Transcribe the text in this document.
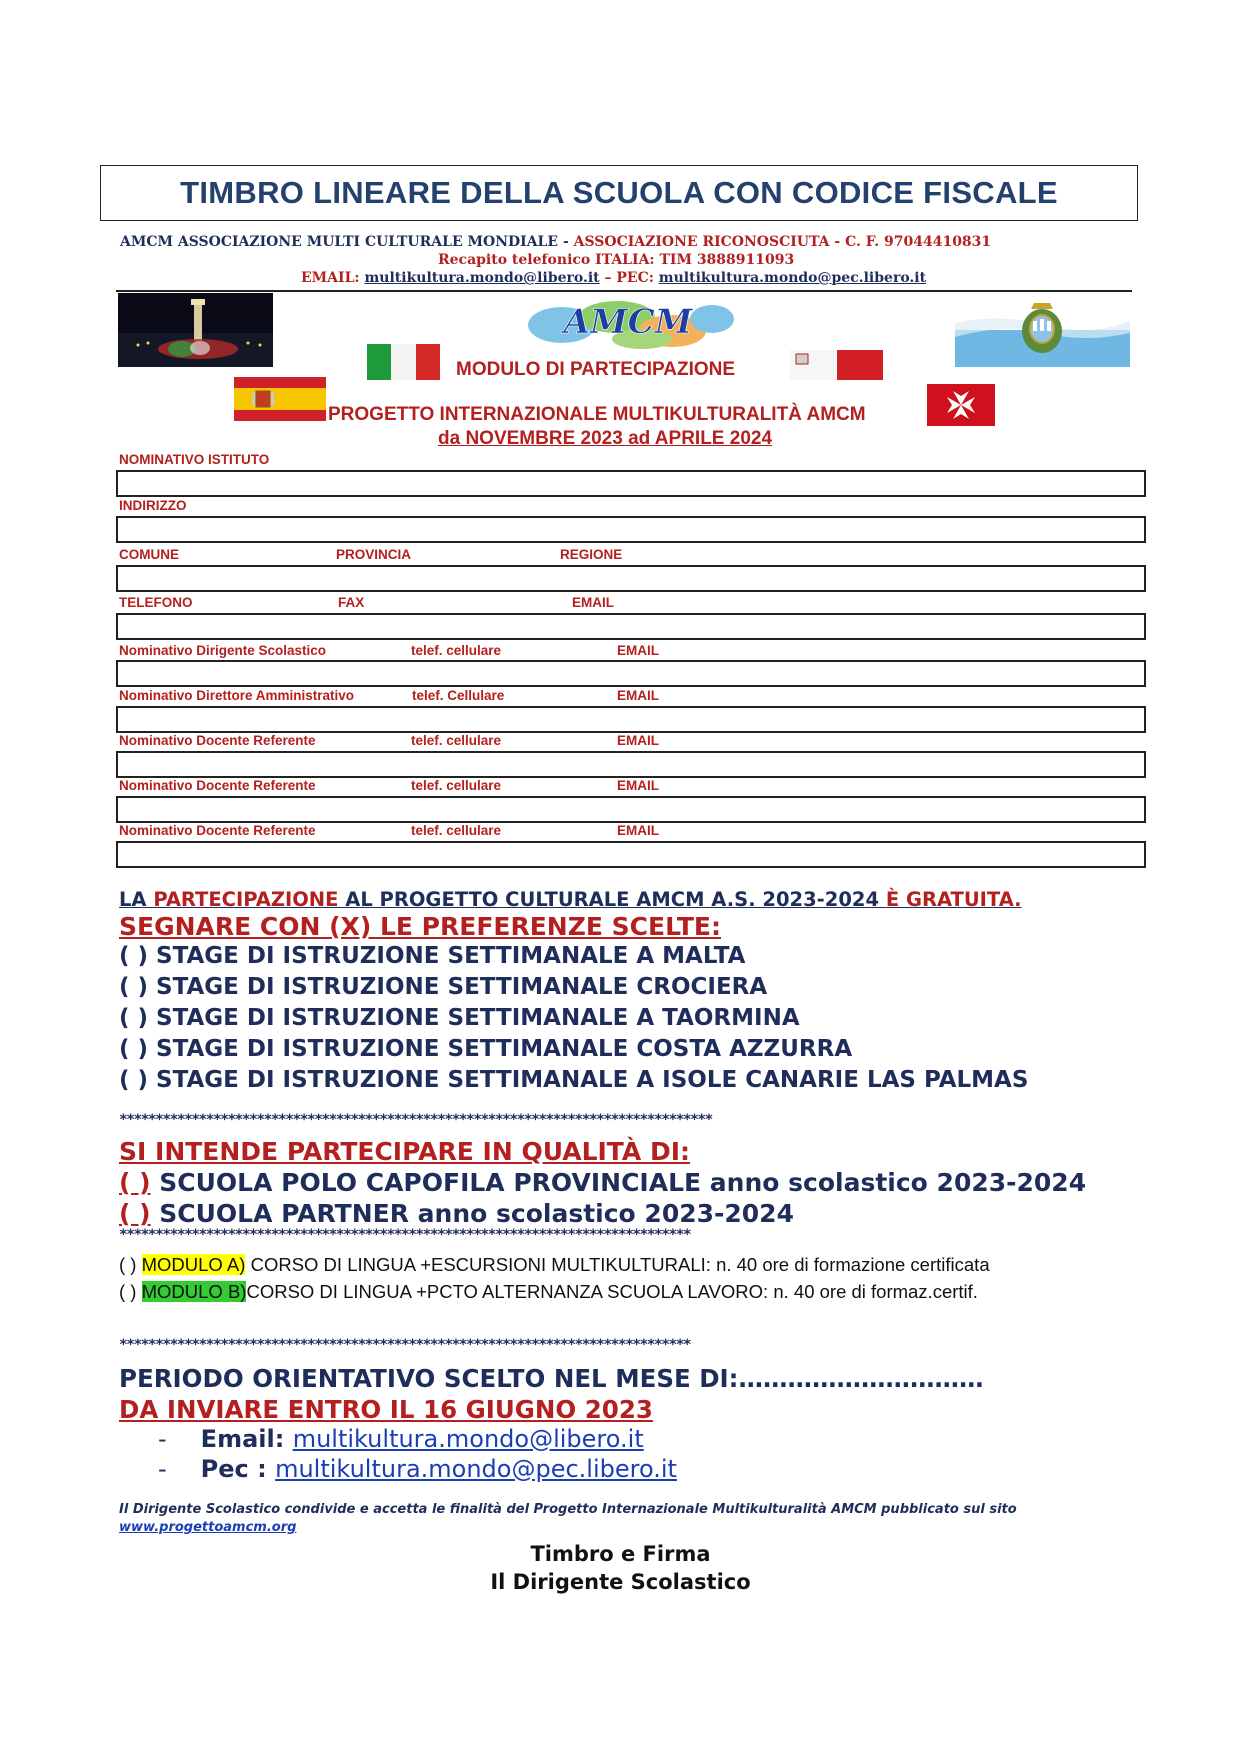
TIMBRO LINEARE DELLA SCUOLA CON CODICE FISCALE
AMCM ASSOCIAZIONE MULTI CULTURALE MONDIALE - ASSOCIAZIONE RICONOSCIUTA - C. F. 97044410831
Recapito telefonico ITALIA: TIM 3888911093
EMAIL: multikultura.mondo@libero.it – PEC: multikultura.mondo@pec.libero.it
AMCM
MODULO DI PARTECIPAZIONE
PROGETTO INTERNAZIONALE MULTIKULTURALITÀ AMCM
da NOVEMBRE 2023 ad APRILE 2024
NOMINATIVO ISTITUTO
INDIRIZZO
COMUNE	PROVINCIA	REGIONE
TELEFONO	FAX	EMAIL
Nominativo Dirigente Scolastico	telef. cellulare	EMAIL
Nominativo Direttore Amministrativo	telef. Cellulare	EMAIL
Nominativo Docente Referente	telef. cellulare	EMAIL
Nominativo Docente Referente	telef. cellulare	EMAIL
Nominativo Docente Referente	telef. cellulare	EMAIL
LA PARTECIPAZIONE AL PROGETTO CULTURALE AMCM A.S. 2023-2024 È GRATUITA.
SEGNARE CON (X) LE PREFERENZE SCELTE:
( ) STAGE DI ISTRUZIONE SETTIMANALE A MALTA
( ) STAGE DI ISTRUZIONE SETTIMANALE CROCIERA
( ) STAGE DI ISTRUZIONE SETTIMANALE A TAORMINA
( ) STAGE DI ISTRUZIONE SETTIMANALE COSTA AZZURRA
( ) STAGE DI ISTRUZIONE SETTIMANALE A ISOLE CANARIE LAS PALMAS
**********************************************************************************
SI INTENDE PARTECIPARE IN QUALITÀ DI:
( ) SCUOLA POLO CAPOFILA PROVINCIALE anno scolastico 2023-2024
( ) SCUOLA PARTNER anno scolastico 2023-2024
*******************************************************************************
( ) MODULO A) CORSO DI LINGUA +ESCURSIONI MULTIKULTURALI: n. 40 ore di formazione certificata
( ) MODULO B)CORSO DI LINGUA +PCTO ALTERNANZA SCUOLA LAVORO: n. 40 ore di formaz.certif.
*******************************************************************************
PERIODO ORIENTATIVO SCELTO NEL MESE DI:…………………………
DA INVIARE ENTRO IL 16 GIUGNO 2023
- Email: multikultura.mondo@libero.it
- Pec : multikultura.mondo@pec.libero.it
Il Dirigente Scolastico condivide e accetta le finalità del Progetto Internazionale Multikulturalità AMCM pubblicato sul sito
www.progettoamcm.org
Timbro e Firma
Il Dirigente Scolastico
